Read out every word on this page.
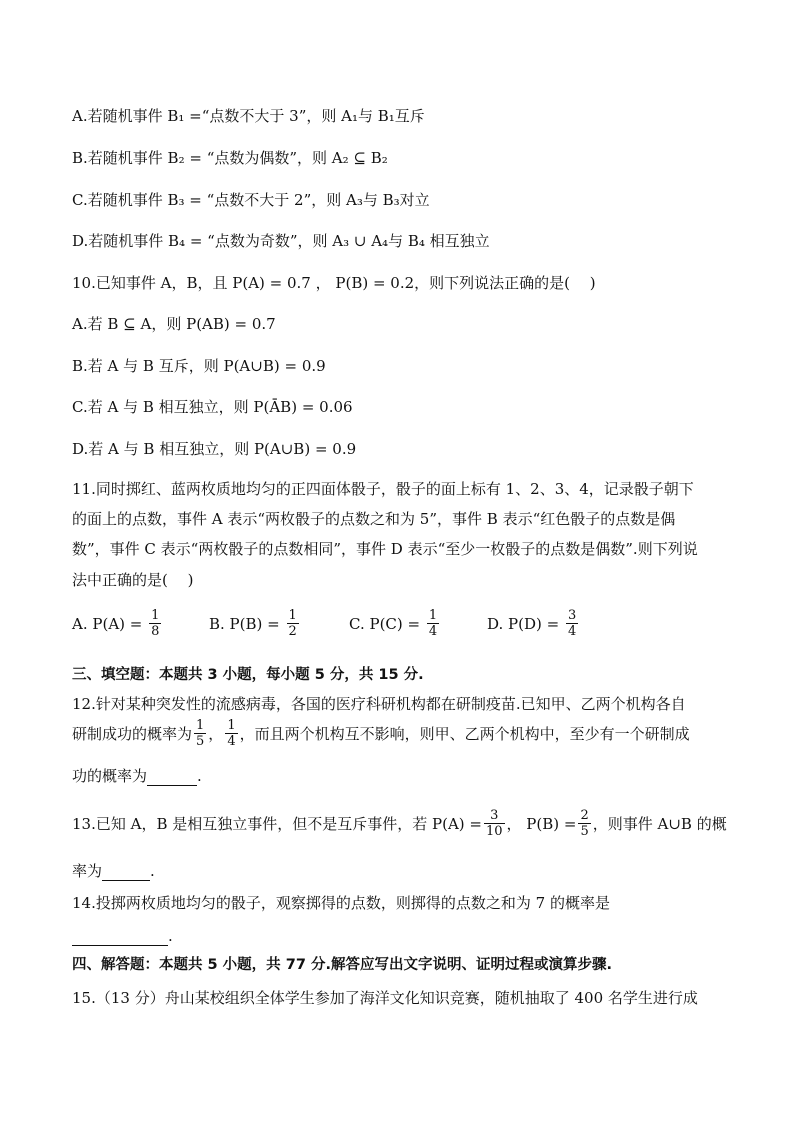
A.若随机事件 B₁ =“点数不大于 3”，则 A₁与 B₁互斥
B.若随机事件 B₂ = “点数为偶数”，则 A₂ ⊆ B₂
C.若随机事件 B₃ = “点数不大于 2”，则 A₃与 B₃对立
D.若随机事件 B₄ = “点数为奇数”，则 A₃ ∪ A₄与 B₄ 相互独立
10.已知事件 A，B，且 P(A) = 0.7 ， P(B) = 0.2，则下列说法正确的是(　 )
A.若 B ⊆ A，则 P(AB) = 0.7
B.若 A 与 B 互斥，则 P(A∪B) = 0.9
C.若 A 与 B 相互独立，则 P(ĀB) = 0.06
D.若 A 与 B 相互独立，则 P(A∪B) = 0.9
11.同时掷红、蓝两枚质地均匀的正四面体骰子，骰子的面上标有 1、2、3、4，记录骰子朝下
的面上的点数，事件 A 表示“两枚骰子的点数之和为 5”，事件 B 表示“红色骰子的点数是偶
数”，事件 C 表示“两枚骰子的点数相同”，事件 D 表示“至少一枚骰子的点数是偶数”.则下列说
法中正确的是(　 )
A. $P(A) = \frac{1}{8}$	B. $P(B) = \frac{1}{2}$	C. $P(C) = \frac{1}{4}$	D. $P(D) = \frac{3}{4}$
三、填空题：本题共 3 小题，每小题 5 分，共 15 分.
12.针对某种突发性的流感病毒，各国的医疗科研机构都在研制疫苗.已知甲、乙两个机构各自
研制成功的概率为 $\frac{1}{5}$ ， $\frac{1}{4}$ ，而且两个机构互不影响，则甲、乙两个机构中，至少有一个研制成
功的概率为	.
13.已知 A，B 是相互独立事件，但不是互斥事件，若 $P(A) = \frac{3}{10}$ ， $P(B) = \frac{2}{5}$ ，则事件 A∪B 的概
率为	.
14.投掷两枚质地均匀的骰子，观察掷得的点数，则掷得的点数之和为 7 的概率是
.
四、解答题：本题共 5 小题，共 77 分.解答应写出文字说明、证明过程或演算步骤.
15.（13 分）舟山某校组织全体学生参加了海洋文化知识竞赛，随机抽取了 400 名学生进行成
